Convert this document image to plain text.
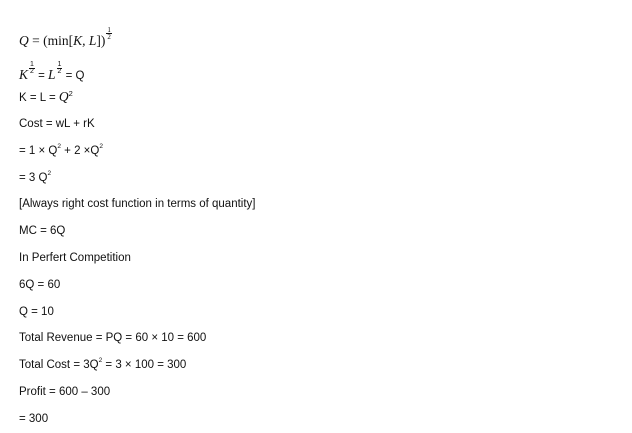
Q = (min[K, $L]) \frac{1}{2}$
K $\frac{1}{2}$
= L $\frac{1}{2}$
= Q
$K = L = Q^2$
Cost = wL + rK
= $1 \times Q^2 + 2 \times Q^2$
= 3 $Q^2$
[Always right cost function in terms of quantity]
MC = 6Q
In Perfert Competition
6Q = 60
Q = 10
Total Revenue = PQ = 60 × 10 = 600
Total Cost = $3Q^2 = 3 \times 100 = 300$
Profit = 600 – 300
= 300
